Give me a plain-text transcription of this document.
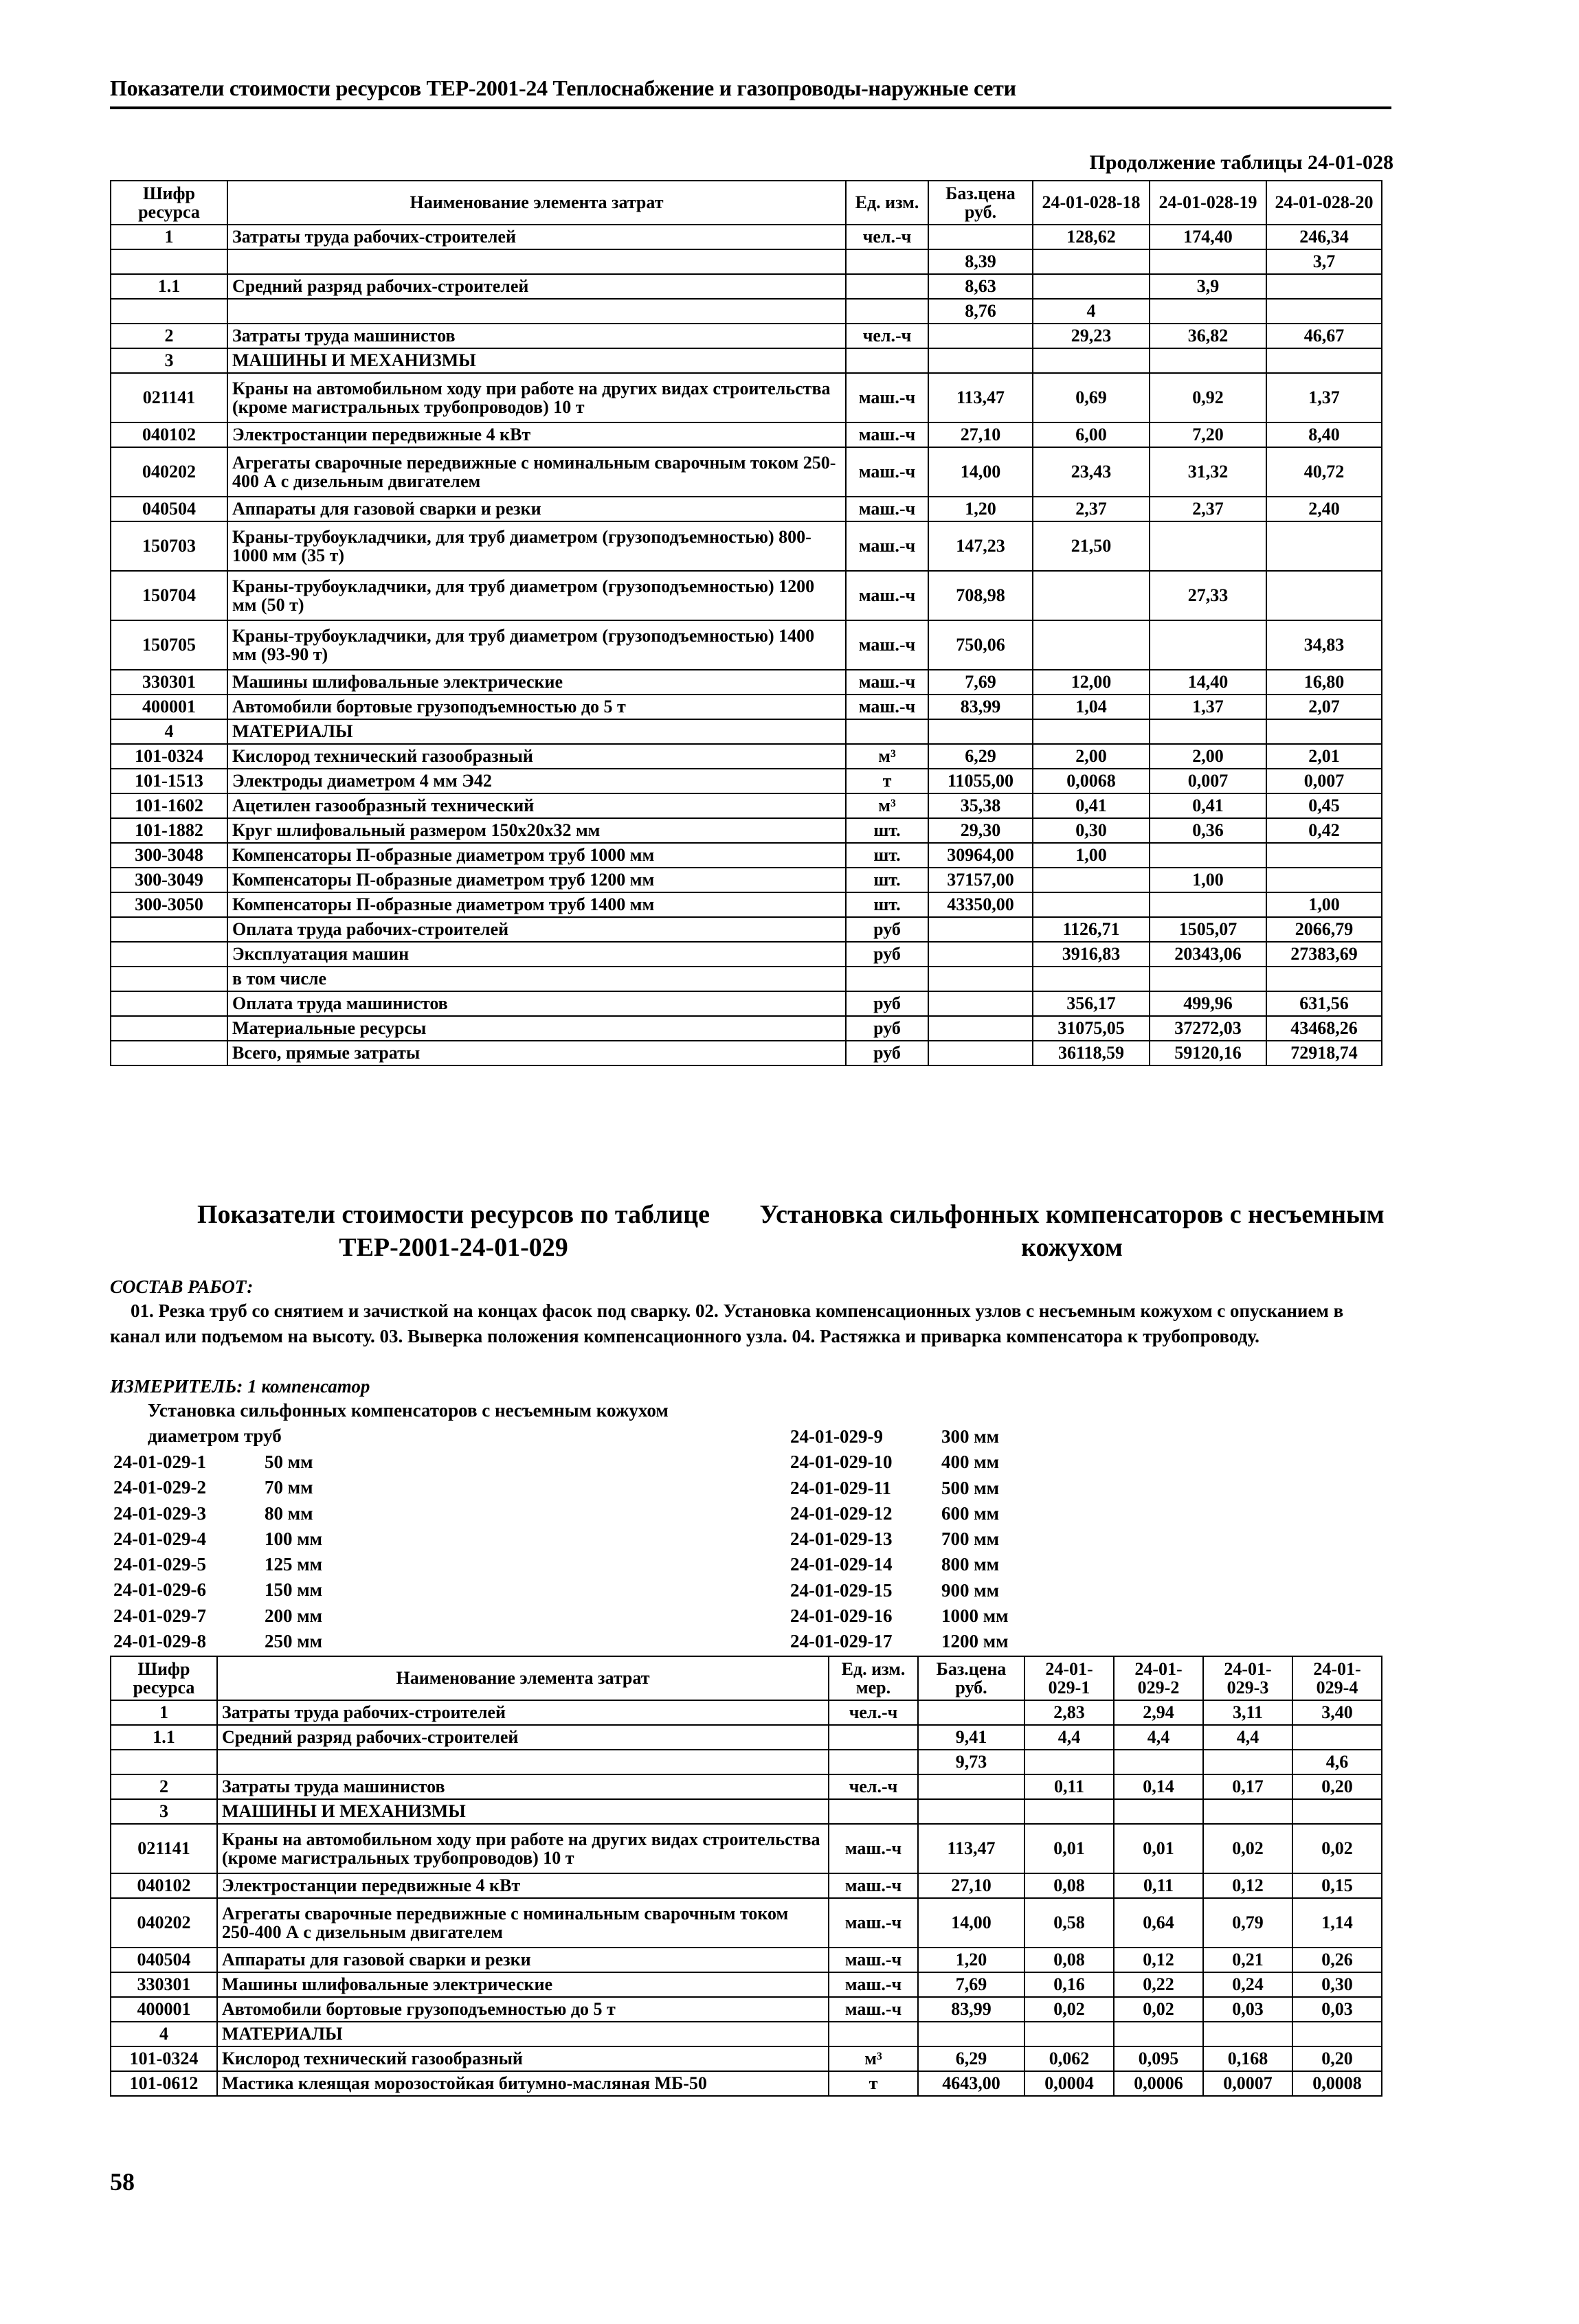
Показатели стоимости ресурсов ТЕР-2001-24 Теплоснабжение и газопроводы-наружные сети
Продолжение таблицы 24-01-028
Шифр ресурса	Наименование элемента затрат	Ед. изм.	Баз.цена руб.	24-01-028-18	24-01-028-19	24-01-028-20
1	Затраты труда рабочих-строителей	чел.-ч		128,62	174,40	246,34
			8,39			3,7
1.1	Средний разряд рабочих-строителей		8,63		3,9	
			8,76	4		
2	Затраты труда машинистов	чел.-ч		29,23	36,82	46,67
3	МАШИНЫ И МЕХАНИЗМЫ					
021141	Краны на автомобильном ходу при работе на других видах строительства (кроме магистральных трубопроводов) 10 т	маш.-ч	113,47	0,69	0,92	1,37
040102	Электростанции передвижные 4 кВт	маш.-ч	27,10	6,00	7,20	8,40
040202	Агрегаты сварочные передвижные с номинальным сварочным током 250-400 А с дизельным двигателем	маш.-ч	14,00	23,43	31,32	40,72
040504	Аппараты для газовой сварки и резки	маш.-ч	1,20	2,37	2,37	2,40
150703	Краны-трубоукладчики, для труб диаметром (грузоподъемностью) 800-1000 мм (35 т)	маш.-ч	147,23	21,50		
150704	Краны-трубоукладчики, для труб диаметром (грузоподъемностью) 1200 мм (50 т)	маш.-ч	708,98		27,33	
150705	Краны-трубоукладчики, для труб диаметром (грузоподъемностью) 1400 мм (93-90 т)	маш.-ч	750,06			34,83
330301	Машины шлифовальные электрические	маш.-ч	7,69	12,00	14,40	16,80
400001	Автомобили бортовые грузоподъемностью до 5 т	маш.-ч	83,99	1,04	1,37	2,07
4	МАТЕРИАЛЫ					
101-0324	Кислород технический газообразный	м³	6,29	2,00	2,00	2,01
101-1513	Электроды диаметром 4 мм Э42	т	11055,00	0,0068	0,007	0,007
101-1602	Ацетилен газообразный технический	м³	35,38	0,41	0,41	0,45
101-1882	Круг шлифовальный размером 150х20х32 мм	шт.	29,30	0,30	0,36	0,42
300-3048	Компенсаторы П-образные диаметром труб 1000 мм	шт.	30964,00	1,00		
300-3049	Компенсаторы П-образные диаметром труб 1200 мм	шт.	37157,00		1,00	
300-3050	Компенсаторы П-образные диаметром труб 1400 мм	шт.	43350,00			1,00
	Оплата труда рабочих-строителей	руб		1126,71	1505,07	2066,79
	Эксплуатация машин	руб		3916,83	20343,06	27383,69
	в том числе					
	Оплата труда машинистов	руб		356,17	499,96	631,56
	Материальные ресурсы	руб		31075,05	37272,03	43468,26
	Всего, прямые затраты	руб		36118,59	59120,16	72918,74
Показатели стоимости ресурсов по таблице ТЕР-2001-24-01-029
Установка сильфонных компенсаторов с несъемным кожухом
СОСТАВ РАБОТ:
01. Резка труб со снятием и зачисткой на концах фасок под сварку. 02. Установка компенсационных узлов с несъемным кожухом с опусканием в канал или подъемом на высоту. 03. Выверка положения компенсационного узла. 04. Растяжка и приварка компенсатора к трубопроводу.
ИЗМЕРИТЕЛЬ: 1 компенсатор
Установка сильфонных компенсаторов с несъемным кожухом диаметром труб
24-01-029-1	50 мм
24-01-029-2	70 мм
24-01-029-3	80 мм
24-01-029-4	100 мм
24-01-029-5	125 мм
24-01-029-6	150 мм
24-01-029-7	200 мм
24-01-029-8	250 мм
24-01-029-9	300 мм
24-01-029-10	400 мм
24-01-029-11	500 мм
24-01-029-12	600 мм
24-01-029-13	700 мм
24-01-029-14	800 мм
24-01-029-15	900 мм
24-01-029-16	1000 мм
24-01-029-17	1200 мм
Шифр ресурса	Наименование элемента затрат	Ед. изм. мер.	Баз.цена руб.	24-01-029-1	24-01-029-2	24-01-029-3	24-01-029-4
1	Затраты труда рабочих-строителей	чел.-ч		2,83	2,94	3,11	3,40
1.1	Средний разряд рабочих-строителей		9,41	4,4	4,4	4,4	
			9,73				4,6
2	Затраты труда машинистов	чел.-ч		0,11	0,14	0,17	0,20
3	МАШИНЫ И МЕХАНИЗМЫ						
021141	Краны на автомобильном ходу при работе на других видах строительства (кроме магистральных трубопроводов) 10 т	маш.-ч	113,47	0,01	0,01	0,02	0,02
040102	Электростанции передвижные 4 кВт	маш.-ч	27,10	0,08	0,11	0,12	0,15
040202	Агрегаты сварочные передвижные с номинальным сварочным током 250-400 А с дизельным двигателем	маш.-ч	14,00	0,58	0,64	0,79	1,14
040504	Аппараты для газовой сварки и резки	маш.-ч	1,20	0,08	0,12	0,21	0,26
330301	Машины шлифовальные электрические	маш.-ч	7,69	0,16	0,22	0,24	0,30
400001	Автомобили бортовые грузоподъемностью до 5 т	маш.-ч	83,99	0,02	0,02	0,03	0,03
4	МАТЕРИАЛЫ						
101-0324	Кислород технический газообразный	м³	6,29	0,062	0,095	0,168	0,20
101-0612	Мастика клеящая морозостойкая битумно-масляная МБ-50	т	4643,00	0,0004	0,0006	0,0007	0,0008
58
